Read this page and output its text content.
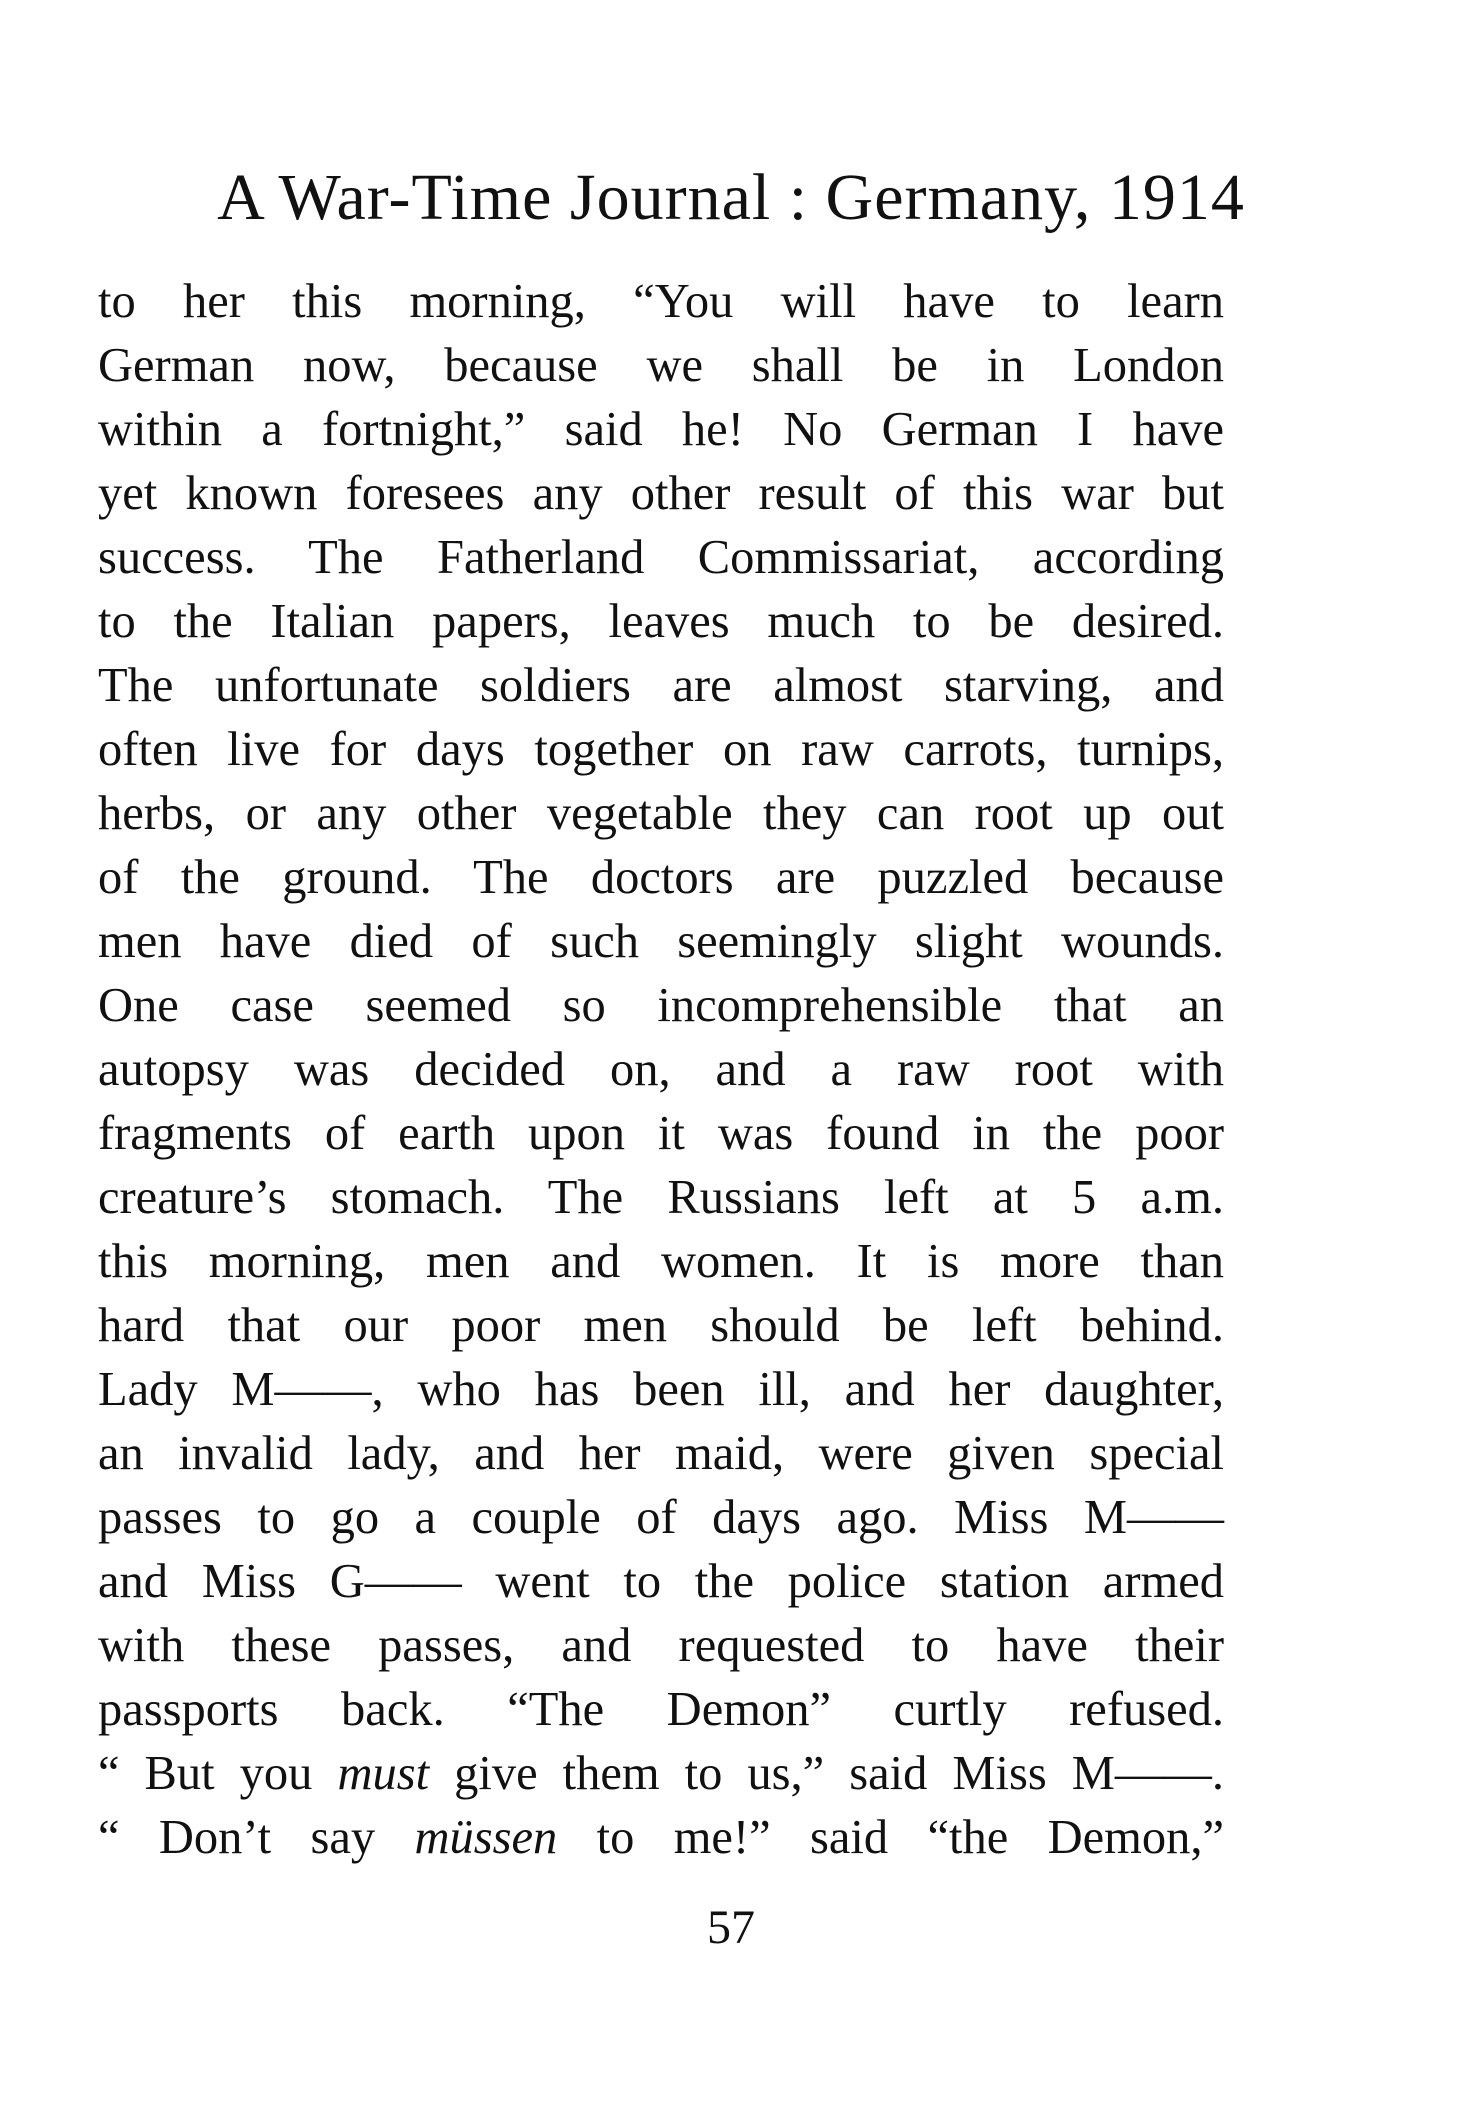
A War-Time Journal : Germany, 1914
to her this morning, “You will have to learn
German now, because we shall be in London
within a fortnight,” said he! No German I have
yet known foresees any other result of this war but
success. The Fatherland Commissariat, according
to the Italian papers, leaves much to be desired.
The unfortunate soldiers are almost starving, and
often live for days together on raw carrots, turnips,
herbs, or any other vegetable they can root up out
of the ground. The doctors are puzzled because
men have died of such seemingly slight wounds.
One case seemed so incomprehensible that an
autopsy was decided on, and a raw root with
fragments of earth upon it was found in the poor
creature’s stomach. The Russians left at 5 a.m.
this morning, men and women. It is more than
hard that our poor men should be left behind.
Lady M——, who has been ill, and her daughter,
an invalid lady, and her maid, were given special
passes to go a couple of days ago. Miss M——
and Miss G—— went to the police station armed
with these passes, and requested to have their
passports back. “The Demon” curtly refused.
“ But you must give them to us,” said Miss M——.
“ Don’t say müssen to me!” said “the Demon,”
57
